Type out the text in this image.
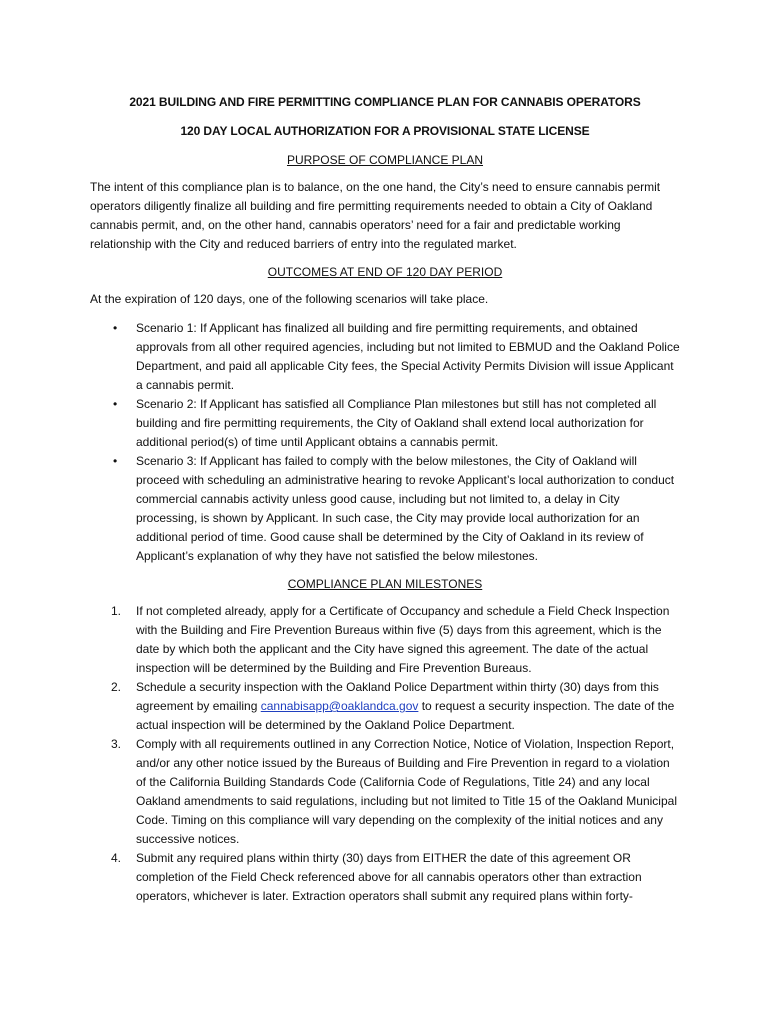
2021 BUILDING AND FIRE PERMITTING COMPLIANCE PLAN FOR CANNABIS OPERATORS
120 DAY LOCAL AUTHORIZATION FOR A PROVISIONAL STATE LICENSE
PURPOSE OF COMPLIANCE PLAN

The intent of this compliance plan is to balance, on the one hand, the City’s need to ensure cannabis permit operators diligently finalize all building and fire permitting requirements needed to obtain a City of Oakland cannabis permit, and, on the other hand, cannabis operators’ need for a fair and predictable working relationship with the City and reduced barriers of entry into the regulated market.

OUTCOMES AT END OF 120 DAY PERIOD

At the expiration of 120 days, one of the following scenarios will take place.

• Scenario 1: If Applicant has finalized all building and fire permitting requirements, and obtained approvals from all other required agencies, including but not limited to EBMUD and the Oakland Police Department, and paid all applicable City fees, the Special Activity Permits Division will issue Applicant a cannabis permit.
• Scenario 2: If Applicant has satisfied all Compliance Plan milestones but still has not completed all building and fire permitting requirements, the City of Oakland shall extend local authorization for additional period(s) of time until Applicant obtains a cannabis permit.
• Scenario 3: If Applicant has failed to comply with the below milestones, the City of Oakland will proceed with scheduling an administrative hearing to revoke Applicant’s local authorization to conduct commercial cannabis activity unless good cause, including but not limited to, a delay in City processing, is shown by Applicant. In such case, the City may provide local authorization for an additional period of time. Good cause shall be determined by the City of Oakland in its review of Applicant’s explanation of why they have not satisfied the below milestones.
COMPLIANCE PLAN MILESTONES
1. If not completed already, apply for a Certificate of Occupancy and schedule a Field Check Inspection with the Building and Fire Prevention Bureaus within five (5) days from this agreement, which is the date by which both the applicant and the City have signed this agreement. The date of the actual inspection will be determined by the Building and Fire Prevention Bureaus.
2. Schedule a security inspection with the Oakland Police Department within thirty (30) days from this agreement by emailing cannabisapp@oaklandca.gov to request a security inspection. The date of the actual inspection will be determined by the Oakland Police Department.
3. Comply with all requirements outlined in any Correction Notice, Notice of Violation, Inspection Report, and/or any other notice issued by the Bureaus of Building and Fire Prevention in regard to a violation of the California Building Standards Code (California Code of Regulations, Title 24) and any local Oakland amendments to said regulations, including but not limited to Title 15 of the Oakland Municipal Code. Timing on this compliance will vary depending on the complexity of the initial notices and any successive notices.
4. Submit any required plans within thirty (30) days from EITHER the date of this agreement OR completion of the Field Check referenced above for all cannabis operators other than extraction operators, whichever is later. Extraction operators shall submit any required plans within forty-
